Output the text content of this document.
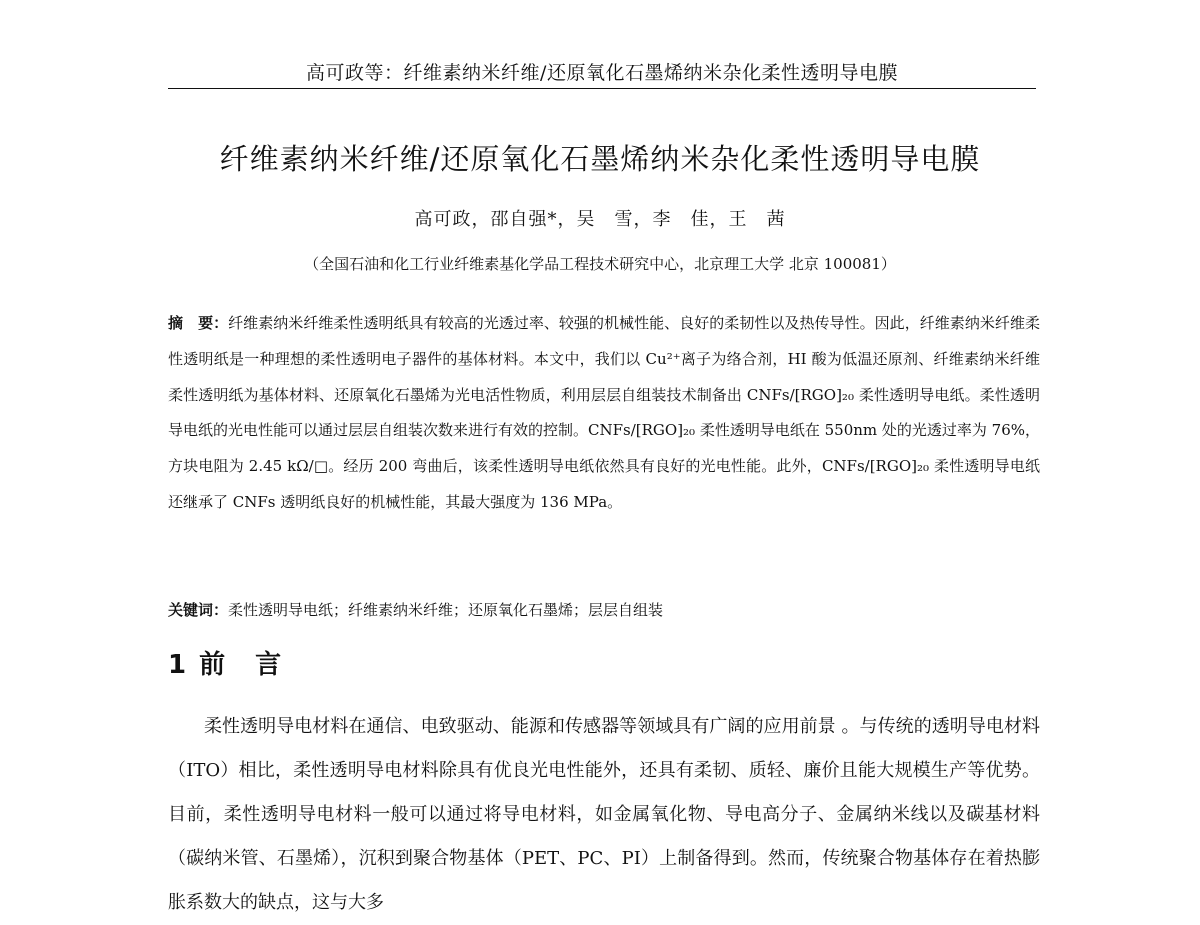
高可政等：纤维素纳米纤维/还原氧化石墨烯纳米杂化柔性透明导电膜
纤维素纳米纤维/还原氧化石墨烯纳米杂化柔性透明导电膜
高可政，邵自强*，吴　雪，李　佳，王　茜
（全国石油和化工行业纤维素基化学品工程技术研究中心，北京理工大学 北京 100081）
摘　要：纤维素纳米纤维柔性透明纸具有较高的光透过率、较强的机械性能、良好的柔韧性以及热传导性。因此，纤维素纳米纤维柔性透明纸是一种理想的柔性透明电子器件的基体材料。本文中，我们以 Cu²⁺离子为络合剂，HI 酸为低温还原剂、纤维素纳米纤维柔性透明纸为基体材料、还原氧化石墨烯为光电活性物质，利用层层自组装技术制备出 CNFs/[RGO]₂₀ 柔性透明导电纸。柔性透明导电纸的光电性能可以通过层层自组装次数来进行有效的控制。CNFs/[RGO]₂₀ 柔性透明导电纸在 550nm 处的光透过率为 76%，方块电阻为 2.45 kΩ/□。经历 200 弯曲后，该柔性透明导电纸依然具有良好的光电性能。此外，CNFs/[RGO]₂₀ 柔性透明导电纸还继承了 CNFs 透明纸良好的机械性能，其最大强度为 136 MPa。
关键词：柔性透明导电纸；纤维素纳米纤维；还原氧化石墨烯；层层自组装
1 前　言
柔性透明导电材料在通信、电致驱动、能源和传感器等领域具有广阔的应用前景 。与传统的透明导电材料（ITO）相比，柔性透明导电材料除具有优良光电性能外，还具有柔韧、质轻、廉价且能大规模生产等优势。目前，柔性透明导电材料一般可以通过将导电材料，如金属氧化物、导电高分子、金属纳米线以及碳基材料（碳纳米管、石墨烯），沉积到聚合物基体（PET、PC、PI）上制备得到。然而，传统聚合物基体存在着热膨胀系数大的缺点，这与大多
